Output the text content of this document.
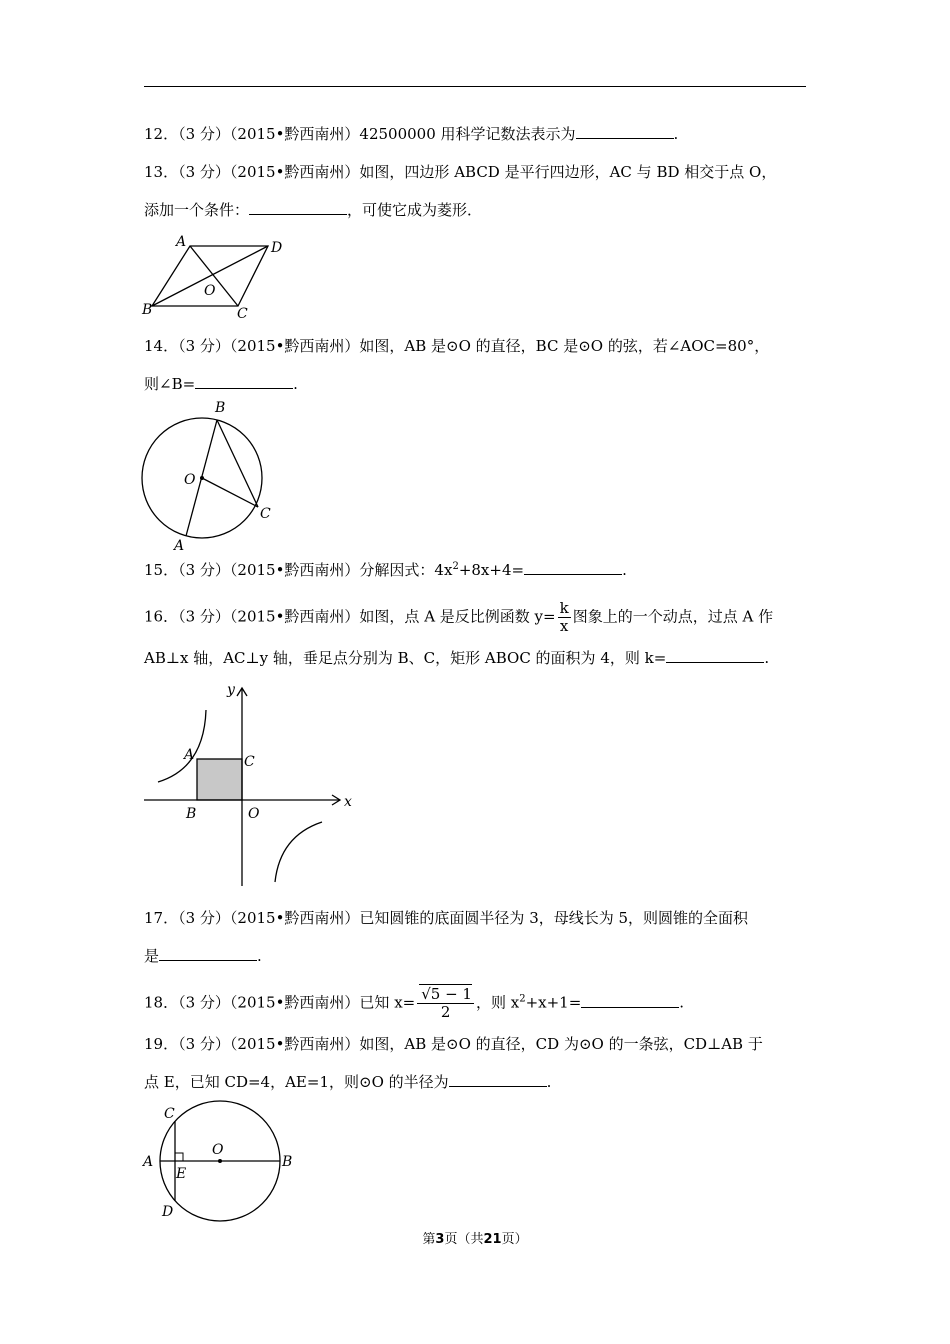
12．（3 分）（2015•黔西南州）42500000 用科学记数法表示为	.
13．（3 分）（2015•黔西南州）如图，四边形 ABCD 是平行四边形，AC 与 BD 相交于点 O，
添加一个条件：	，可使它成为菱形．
A	D
B	C
O
14．（3 分）（2015•黔西南州）如图，AB 是⊙O 的直径，BC 是⊙O 的弦，若∠AOC=80°，
则∠B=	.
B
O
C
A
15．（3 分）（2015•黔西南州）分解因式：$4x^2+8x+4=$	.
16．（3 分）（2015•黔西南州）如图，点 A 是反比例函数 $y= \frac{k}{x}$ 图象上的一个动点，过点 A 作
AB⊥x 轴，AC⊥y 轴，垂足点分别为 B、C，矩形 ABOC 的面积为 4，则 k=	.
y
x
A	C
B	O
17．（3 分）（2015•黔西南州）已知圆锥的底面圆半径为 3，母线长为 5，则圆锥的全面积
是	.
18．（3 分）（2015•黔西南州）已知 $x= \frac{√5 - 1}{2}$ ，则 $x^2+x+1=$	.
19．（3 分）（2015•黔西南州）如图，AB 是⊙O 的直径，CD 为⊙O 的一条弦，CD⊥AB 于
点 E，已知 CD=4，AE=1，则⊙O 的半径为	.
C
O
A	B
E
D
第3页（共21页）
